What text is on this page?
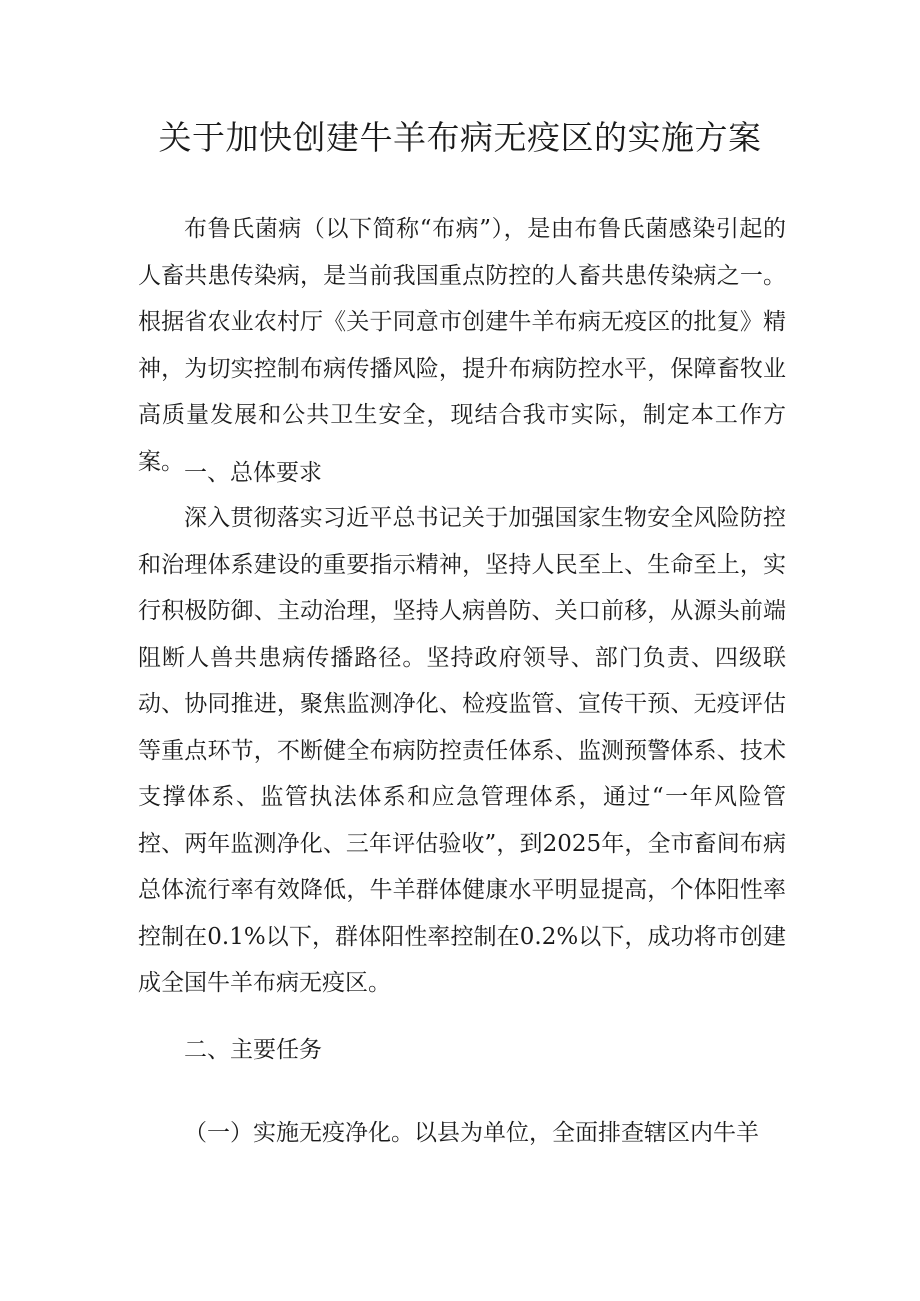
关于加快创建牛羊布病无疫区的实施方案

布鲁氏菌病（以下简称“布病”），是由布鲁氏菌感染引起的人畜共患传染病，是当前我国重点防控的人畜共患传染病之一。根据省农业农村厅《关于同意市创建牛羊布病无疫区的批复》精神，为切实控制布病传播风险，提升布病防控水平，保障畜牧业高质量发展和公共卫生安全，现结合我市实际，制定本工作方案。 一、总体要求

深入贯彻落实习近平总书记关于加强国家生物安全风险防控和治理体系建设的重要指示精神，坚持人民至上、生命至上，实行积极防御、主动治理，坚持人病兽防、关口前移，从源头前端阻断人兽共患病传播路径。坚持政府领导、部门负责、四级联动、协同推进，聚焦监测净化、检疫监管、宣传干预、无疫评估等重点环节，不断健全布病防控责任体系、监测预警体系、技术支撑体系、监管执法体系和应急管理体系，通过“一年风险管控、两年监测净化、三年评估验收”，到2025年，全市畜间布病总体流行率有效降低，牛羊群体健康水平明显提高，个体阳性率控制在0.1%以下，群体阳性率控制在0.2%以下，成功将市创建成全国牛羊布病无疫区。

二、主要任务

（一）实施无疫净化。以县为单位，全面排查辖区内牛羊
